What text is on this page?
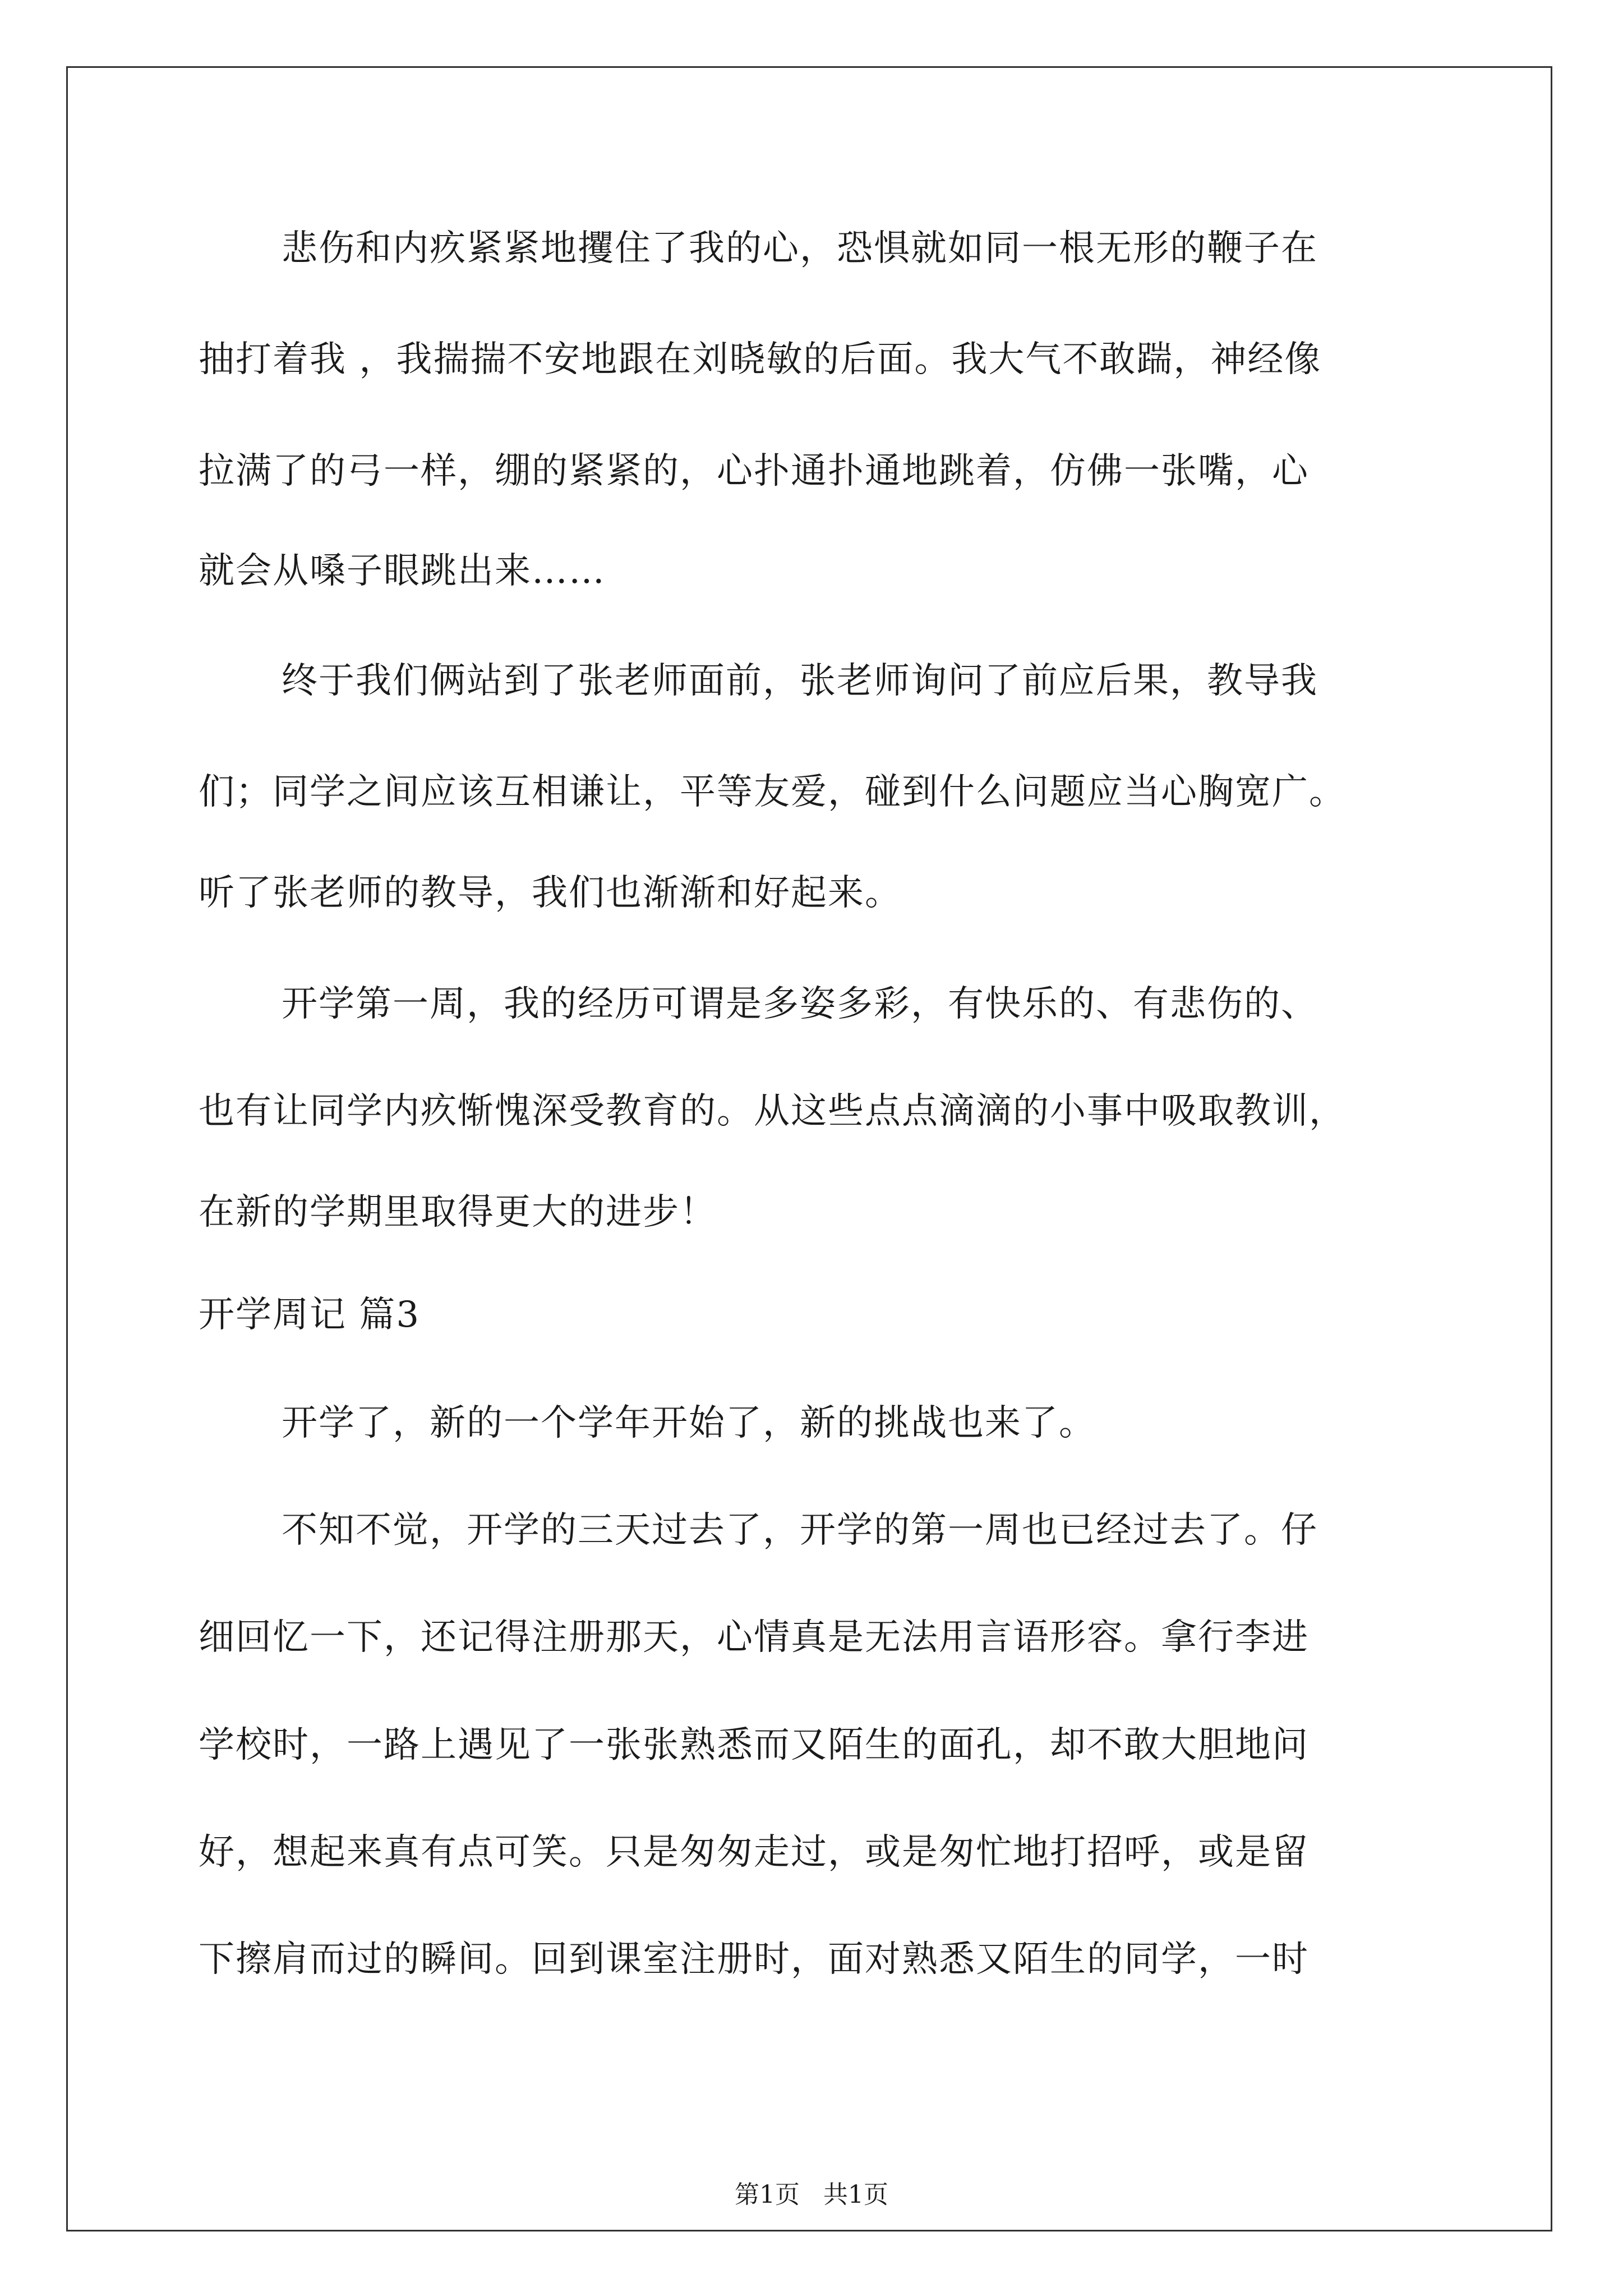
悲伤和内疚紧紧地攫住了我的心，恐惧就如同一根无形的鞭子在
抽打着我 ，我揣揣不安地跟在刘晓敏的后面。我大气不敢踹，神经像
拉满了的弓一样，绷的紧紧的，心扑通扑通地跳着，仿佛一张嘴，心
就会从嗓子眼跳出来……
终于我们俩站到了张老师面前，张老师询问了前应后果，教导我
们；同学之间应该互相谦让，平等友爱，碰到什么问题应当心胸宽广。
听了张老师的教导，我们也渐渐和好起来。
开学第一周，我的经历可谓是多姿多彩，有快乐的、有悲伤的、
也有让同学内疚惭愧深受教育的。从这些点点滴滴的小事中吸取教训，
在新的学期里取得更大的进步！
开学周记 篇3
开学了，新的一个学年开始了，新的挑战也来了。
不知不觉，开学的三天过去了，开学的第一周也已经过去了。仔
细回忆一下，还记得注册那天，心情真是无法用言语形容。拿行李进
学校时，一路上遇见了一张张熟悉而又陌生的面孔，却不敢大胆地问
好，想起来真有点可笑。只是匆匆走过，或是匆忙地打招呼，或是留
下擦肩而过的瞬间。回到课室注册时，面对熟悉又陌生的同学，一时
第1页   共1页
